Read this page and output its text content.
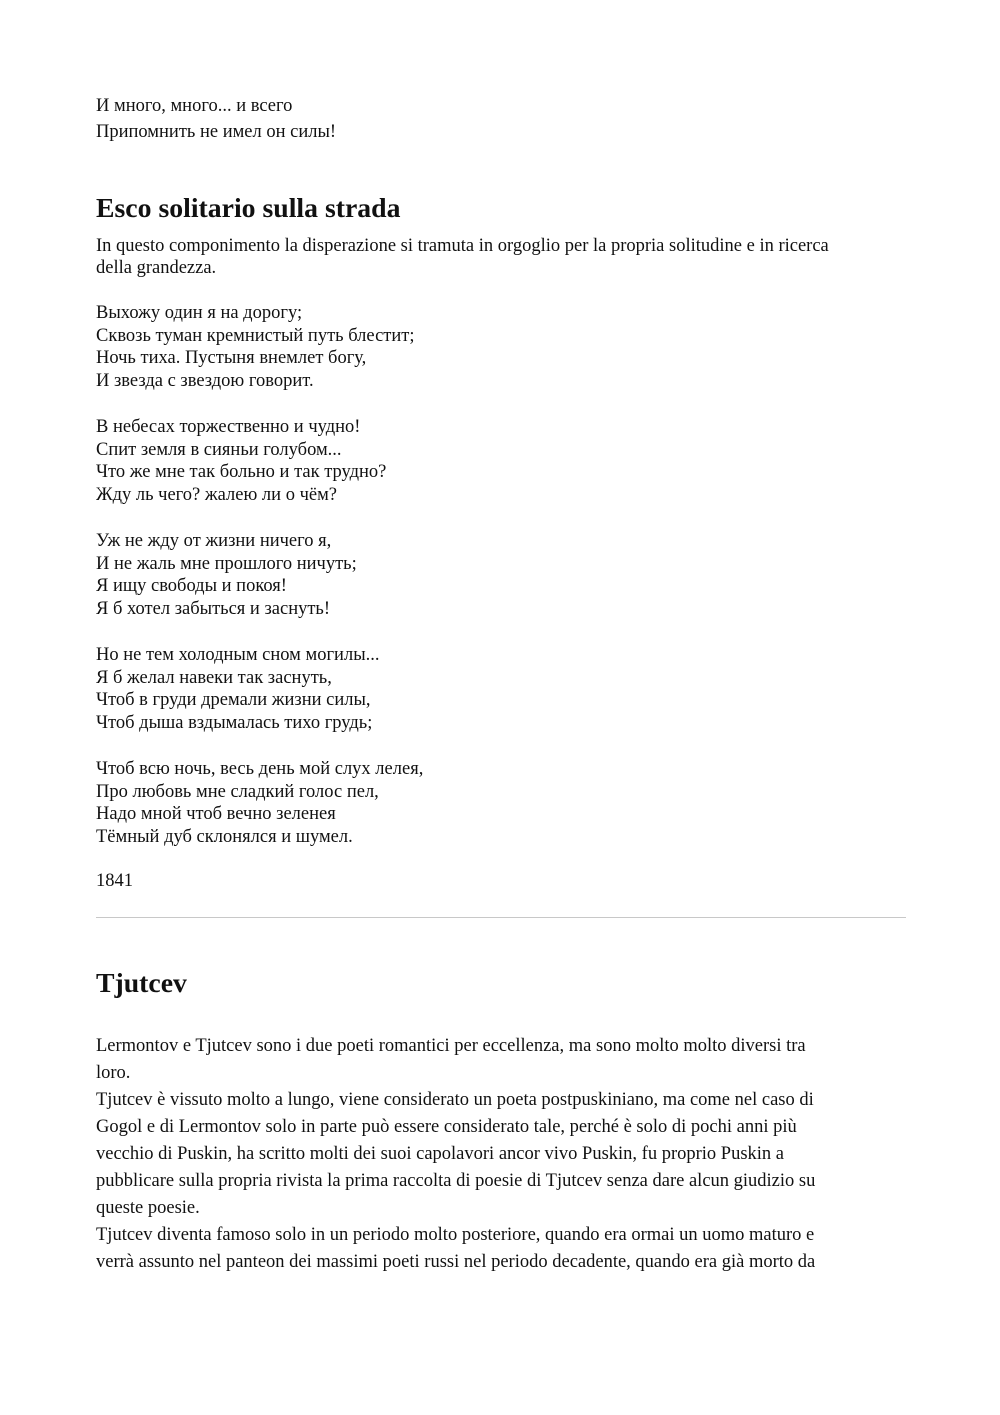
И много, много... и всего

Припомнить не имел он силы!

Esco solitario sulla strada

In questo componimento la disperazione si tramuta in orgoglio per la propria solitudine e in ricerca

della grandezza.

Выхожу один я на дорогу;

Сквозь туман кремнистый путь блестит;

Ночь тиха. Пустыня внемлет богу,

И звезда с звездою говорит.

В небесах торжественно и чудно!

Спит земля в сияньи голубом...

Что же мне так больно и так трудно?

Жду ль чего? жалею ли о чём?

Уж не жду от жизни ничего я,

И не жаль мне прошлого ничуть;

Я ищу свободы и покоя!

Я б хотел забыться и заснуть!

Но не тем холодным сном могилы...

Я б желал навеки так заснуть,

Чтоб в груди дремали жизни силы,

Чтоб дыша вздымалась тихо грудь;

Чтоб всю ночь, весь день мой слух лелея,

Про любовь мне сладкий голос пел,

Надо мной чтоб вечно зеленея

Тёмный дуб склонялся и шумел.

1841

Tjutcev

Lermontov e Tjutcev sono i due poeti romantici per eccellenza, ma sono molto molto diversi tra

loro.

Tjutcev è vissuto molto a lungo, viene considerato un poeta postpuskiniano, ma come nel caso di

Gogol e di Lermontov solo in parte può essere considerato tale, perché è solo di pochi anni più

vecchio di Puskin, ha scritto molti dei suoi capolavori ancor vivo Puskin, fu proprio Puskin a

pubblicare sulla propria rivista la prima raccolta di poesie di Tjutcev senza dare alcun giudizio su

queste poesie.

Tjutcev diventa famoso solo in un periodo molto posteriore, quando era ormai un uomo maturo e

verrà assunto nel panteon dei massimi poeti russi nel periodo decadente, quando era già morto da
